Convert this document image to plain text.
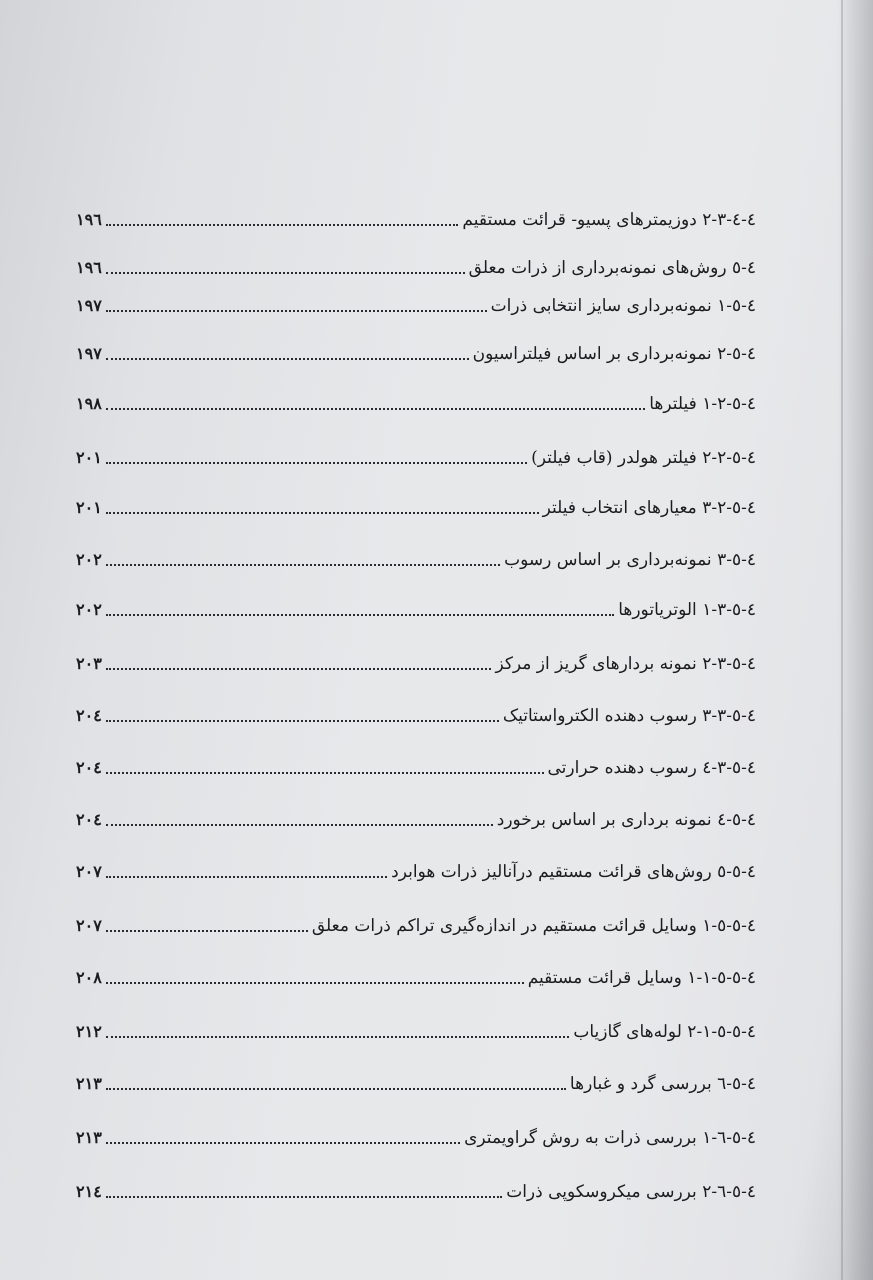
٤-٤-٣-٢ دوزیمترهای پسیو- قرائت مستقیم
١٩٦
٤-٥ روش‌های نمونه‌برداری از ذرات معلق
١٩٦
٤-٥-١ نمونه‌برداری سایز انتخابی ذرات
١٩٧
٤-٥-٢ نمونه‌برداری بر اساس فیلتراسیون
١٩٧
٤-٥-٢-١ فیلترها
١٩٨
٤-٥-٢-٢ فیلتر هولدر (قاب فیلتر)
٢٠١
٤-٥-٢-٣ معیارهای انتخاب فیلتر
٢٠١
٤-٥-٣ نمونه‌برداری بر اساس رسوب
٢٠٢
٤-٥-٣-١ الوتریاتورها
٢٠٢
٤-٥-٣-٢ نمونه بردارهای گریز از مرکز
٢٠٣
٤-٥-٣-٣ رسوب دهنده الکترواستاتیک
٢٠٤
٤-٥-٣-٤ رسوب دهنده حرارتی
٢٠٤
٤-٥-٤ نمونه برداری بر اساس برخورد
٢٠٤
٤-٥-٥ روش‌های قرائت مستقیم درآنالیز ذرات هوابرد
٢٠٧
٤-٥-٥-١ وسایل قرائت مستقیم در اندازه‌گیری تراکم ذرات معلق
٢٠٧
٤-٥-٥-١-١ وسایل قرائت مستقیم
٢٠٨
٤-٥-٥-١-٢ لوله‌های گازیاب
٢١٢
٤-٥-٦ بررسی گرد و غبارها
٢١٣
٤-٥-٦-١ بررسی ذرات به روش گراویمتری
٢١٣
٤-٥-٦-٢ بررسی میکروسکوپی ذرات
٢١٤
